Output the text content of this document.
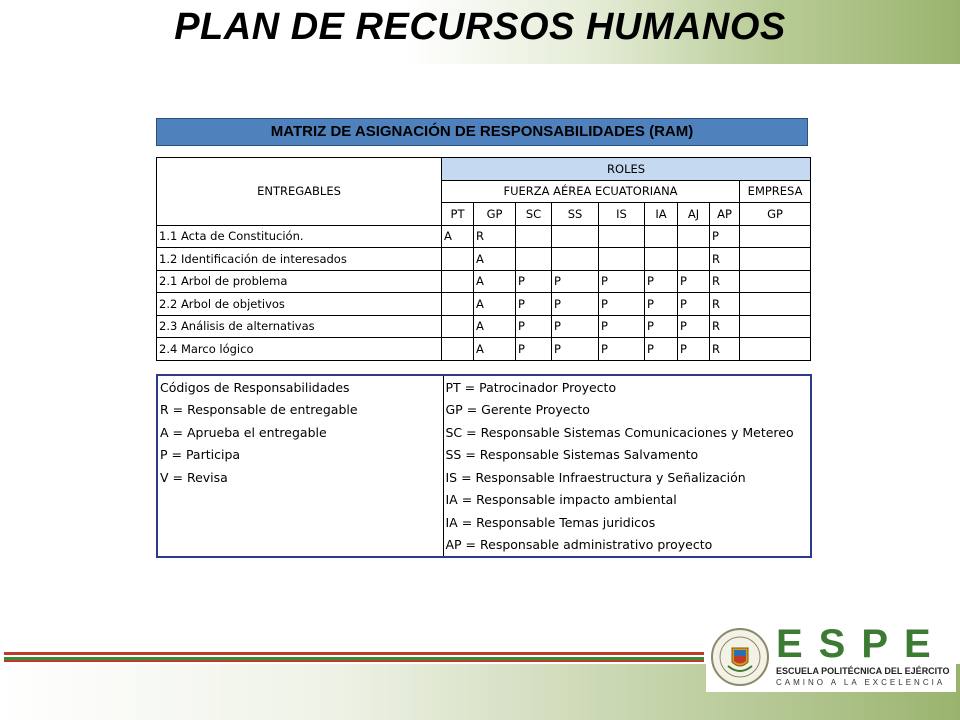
PLAN DE RECURSOS HUMANOS
MATRIZ DE ASIGNACIÓN DE RESPONSABILIDADES (RAM)
ENTREGABLES	ROLES								
	FUERZA AÉREA ECUATORIANA								EMPRESA
	PT	GP	SC	SS	IS	IA	AJ	AP	GP
1.1 Acta de Constitución.	A	R						P	
1.2 Identificación de interesados		A						R	
2.1 Arbol de problema		A	P	P	P	P	P	R	
2.2 Arbol de objetivos		A	P	P	P	P	P	R	
2.3 Análisis de alternativas		A	P	P	P	P	P	R	
2.4 Marco lógico		A	P	P	P	P	P	R	
Códigos de Responsabilidades	PT = Patrocinador Proyecto
R = Responsable de entregable	GP = Gerente Proyecto
A = Aprueba el entregable	SC = Responsable Sistemas Comunicaciones y Metereo
P = Participa	SS = Responsable Sistemas Salvamento
V = Revisa	IS = Responsable Infraestructura y Señalización
	IA = Responsable impacto ambiental
	IA = Responsable Temas juridicos
	AP = Responsable administrativo proyecto
ESPE
ESCUELA POLITÉCNICA DEL EJÉRCITO
CAMINO A LA EXCELENCIA
